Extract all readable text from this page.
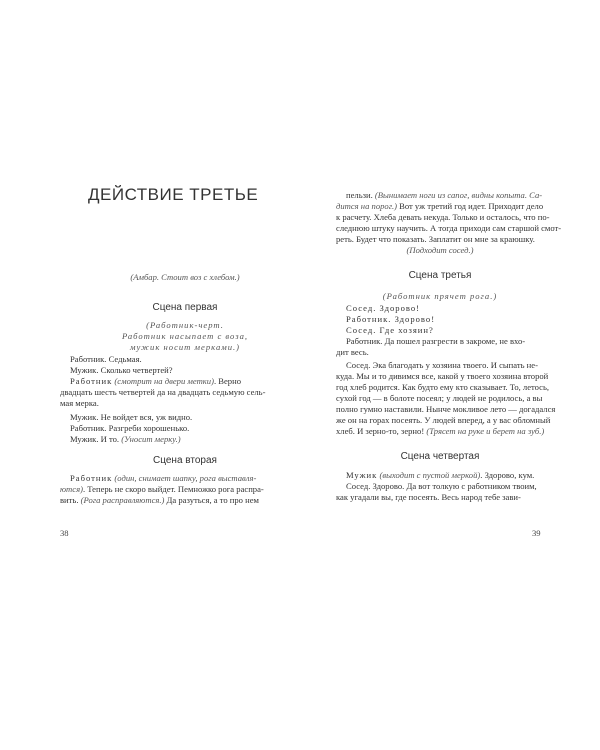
ДЕЙСТВИЕ ТРЕТЬЕ
(Амбар. Стоит воз с хлебом.)
Сцена первая
(Работник-черт.
Работник насыпает с воза,
мужик носит мерками.)
Работник. Седьмая.
Мужик. Сколько четвертей?
Работник (смотрит на двери метки). Верно
двадцать шесть четвертей да на двадцать седьмую сель-
мая мерка.
Мужик. Не войдет вся, уж видно.
Работник. Разгреби хорошенько.
Мужик. И то. (Уносит мерку.)
Сцена вторая
Работник (один, снимает шапку, рога выставля-
ются). Теперь не скоро выйдет. Пемножко рога распра-
вить. (Рога расправляются.) Да разуться, а то про нем
38
пельзи. (Вынимает ноги из сапог, видны копыта. Са-
дится на порог.) Вот уж третий год идет. Приходит дело
к расчету. Хлеба девать некуда. Только и осталось, что по-
следнюю штуку научить. А тогда приходи сам старшой смот-
реть. Будет что показать. Заплатит он мне за краюшку.
(Подходит сосед.)
Сцена третья
(Работник прячет рога.)
Сосед. Здорово!
Работник. Здорово!
Сосед. Где хозяин?
Работник. Да пошел разгрести в закроме, не вхо-
дит весь.
Сосед. Эка благодать у хозяина твоего. И сыпать не-
куда. Мы и то дивимся все, какой у твоего хозяина второй
год хлеб родится. Как будто ему кто сказывает. То, летось,
сухой год — в болоте посеял; у людей не родилось, а вы
полно гумно наставили. Нынче мокливое лето — догадался
же он на горах посеять. У людей вперед, а у вас обломный
хлеб. И зерно-то, зерно! (Трясет на руке и берет на зуб.)
Сцена четвертая
Мужик (выходит с пустой меркой). Здорово, кум.
Сосед. Здорово. Да вот толкую с работником твоим,
как угадали вы, где посеять. Весь народ тебе зави-
39
